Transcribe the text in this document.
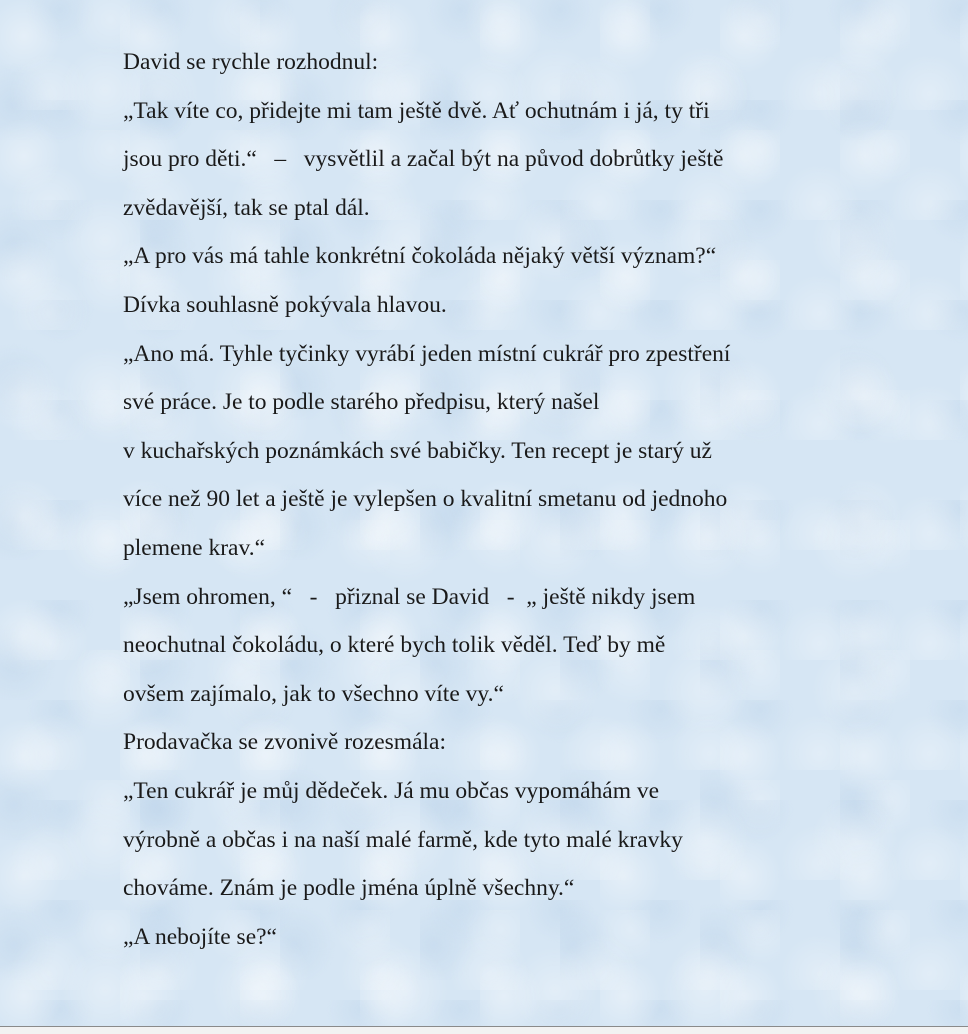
David se rychle rozhodnul:
„Tak víte co, přidejte mi tam ještě dvě. Ať ochutnám i já, ty tři
jsou pro děti.“   –   vysvětlil a začal být na původ dobrůtky ještě
zvědavější, tak se ptal dál.
„A pro vás má tahle konkrétní čokoláda nějaký větší význam?“
Dívka souhlasně pokývala hlavou.
„Ano má. Tyhle tyčinky vyrábí jeden místní cukrář pro zpestření
své práce. Je to podle starého předpisu, který našel
v kuchařských poznámkách své babičky. Ten recept je starý už
více než 90 let a ještě je vylepšen o kvalitní smetanu od jednoho
plemene krav.“
„Jsem ohromen, “   -   přiznal se David   -  „ ještě nikdy jsem
neochutnal čokoládu, o které bych tolik věděl. Teď by mě
ovšem zajímalo, jak to všechno víte vy.“
Prodavačka se zvonivě rozesmála:
„Ten cukrář je můj dědeček. Já mu občas vypomáhám ve
výrobně a občas i na naší malé farmě, kde tyto malé kravky
chováme. Znám je podle jména úplně všechny.“
„A nebojíte se?“
